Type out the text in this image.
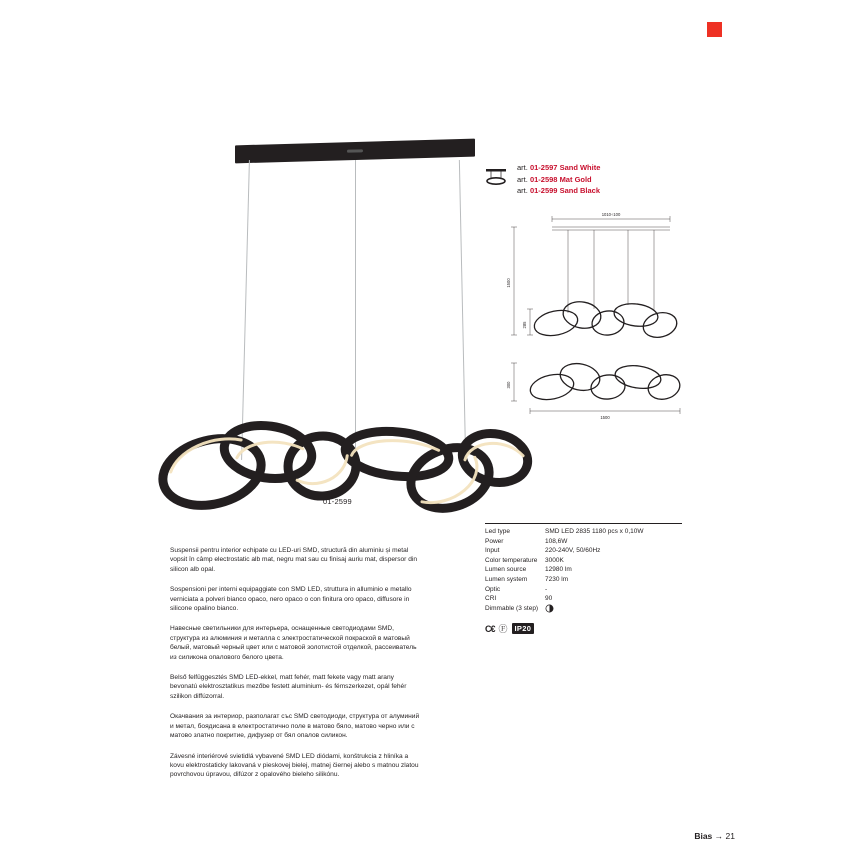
01-2599
art. 01-2597 Sand White
art. 01-2598 Mat Gold
art. 01-2599 Sand Black
1010÷100
1500
285
300
1500
Led type	SMD LED 2835 1180 pcs x 0,10W
Power	108,6W
Input	220-240V, 50/60Hz
Color temperature	3000K
Lumen source	12980 lm
Lumen system	7230 lm
Optic	-
CRI	90
Dimmable (3 step)
C€ Ⓕ IP20

Suspensii pentru interior echipate cu LED-uri SMD, structură din aluminiu și metal vopsit în câmp electrostatic alb mat, negru mat sau cu finisaj auriu mat, dispersor din silicon alb opal.

Sospensioni per interni equipaggiate con SMD LED, struttura in alluminio e metallo verniciata a polveri bianco opaco, nero opaco o con finitura oro opaco, diffusore in silicone opalino bianco.

Навесные светильники для интерьера, оснащенные светодиодами SMD, структура из алюминия и металла с электростатической покраской в матовый белый, матовый черный цвет или с матовой золотистой отделкой, рассеиватель из силикона опалового белого цвета.

Belső felfüggesztés SMD LED-ekkel, matt fehér, matt fekete vagy matt arany bevonatú elektrosztatikus mezőbe festett aluminium- és fémszerkezet, opál fehér szilikon diffúzorral.

Окачвания за интериор, разполагат със SMD светодиоди, структура от алуминий и метал, боядисана в електростатично поле в матово бяло, матово черно или с матово златно покритие, дифузер от бял опалов силикон.

Závesné interiérové svietidlá vybavené SMD LED diódami, konštrukcia z hliníka a kovu elektrostaticky lakovaná v pieskovej bielej, matnej čiernej alebo s matnou zlatou povrchovou úpravou, difúzor z opalového bieleho silikónu.

Bias → 21
